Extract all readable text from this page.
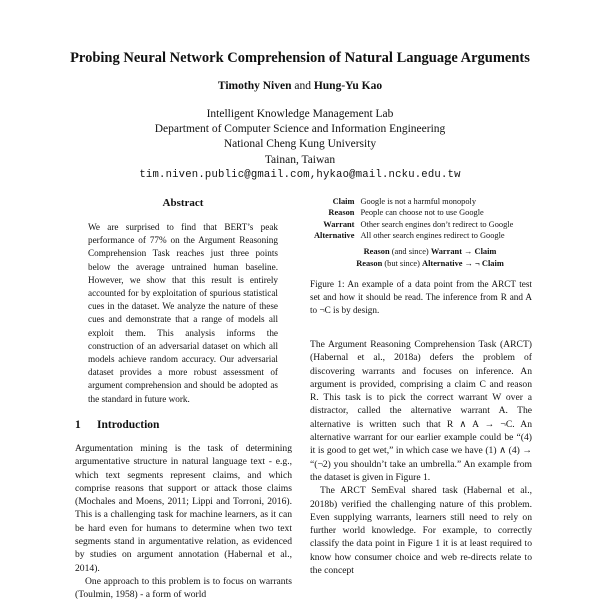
Probing Neural Network Comprehension of Natural Language Arguments
Timothy Niven and Hung-Yu Kao
Intelligent Knowledge Management Lab
Department of Computer Science and Information Engineering
National Cheng Kung University
Tainan, Taiwan
tim.niven.public@gmail.com,hykao@mail.ncku.edu.tw
Abstract

We are surprised to find that BERT’s peak performance of 77% on the Argument Reasoning Comprehension Task reaches just three points below the average untrained human baseline. However, we show that this result is entirely accounted for by exploitation of spurious statistical cues in the dataset. We analyze the nature of these cues and demonstrate that a range of models all exploit them. This analysis informs the construction of an adversarial dataset on which all models achieve random accuracy. Our adversarial dataset provides a more robust assessment of argument comprehension and should be adopted as the standard in future work.

1 Introduction

Argumentation mining is the task of determining argumentative structure in natural language text - e.g., which text segments represent claims, and which comprise reasons that support or attack those claims (Mochales and Moens, 2011; Lippi and Torroni, 2016). This is a challenging task for machine learners, as it can be hard even for humans to determine when two text segments stand in argumentative relation, as evidenced by studies on argument annotation (Habernal et al., 2014).

One approach to this problem is to focus on warrants (Toulmin, 1958) - a form of world

Claim	Google is not a harmful monopoly
Reason	People can choose not to use Google
Warrant	Other search engines don’t redirect to Google
Alternative	All other search engines redirect to Google
Reason (and since) Warrant → Claim
Reason (but since) Alternative → ¬ Claim
Figure 1: An example of a data point from the ARCT test set and how it should be read. The inference from R and A to ¬C is by design.

The Argument Reasoning Comprehension Task (ARCT) (Habernal et al., 2018a) defers the problem of discovering warrants and focuses on inference. An argument is provided, comprising a claim C and reason R. This task is to pick the correct warrant W over a distractor, called the alternative warrant A. The alternative is written such that R ∧ A → ¬C. An alternative warrant for our earlier example could be “(4) it is good to get wet,” in which case we have (1) ∧ (4) → “(¬2) you shouldn’t take an umbrella.” An example from the dataset is given in Figure 1.

The ARCT SemEval shared task (Habernal et al., 2018b) verified the challenging nature of this problem. Even supplying warrants, learners still need to rely on further world knowledge. For example, to correctly classify the data point in Figure 1 it is at least required to know how consumer choice and web re-directs relate to the concept
